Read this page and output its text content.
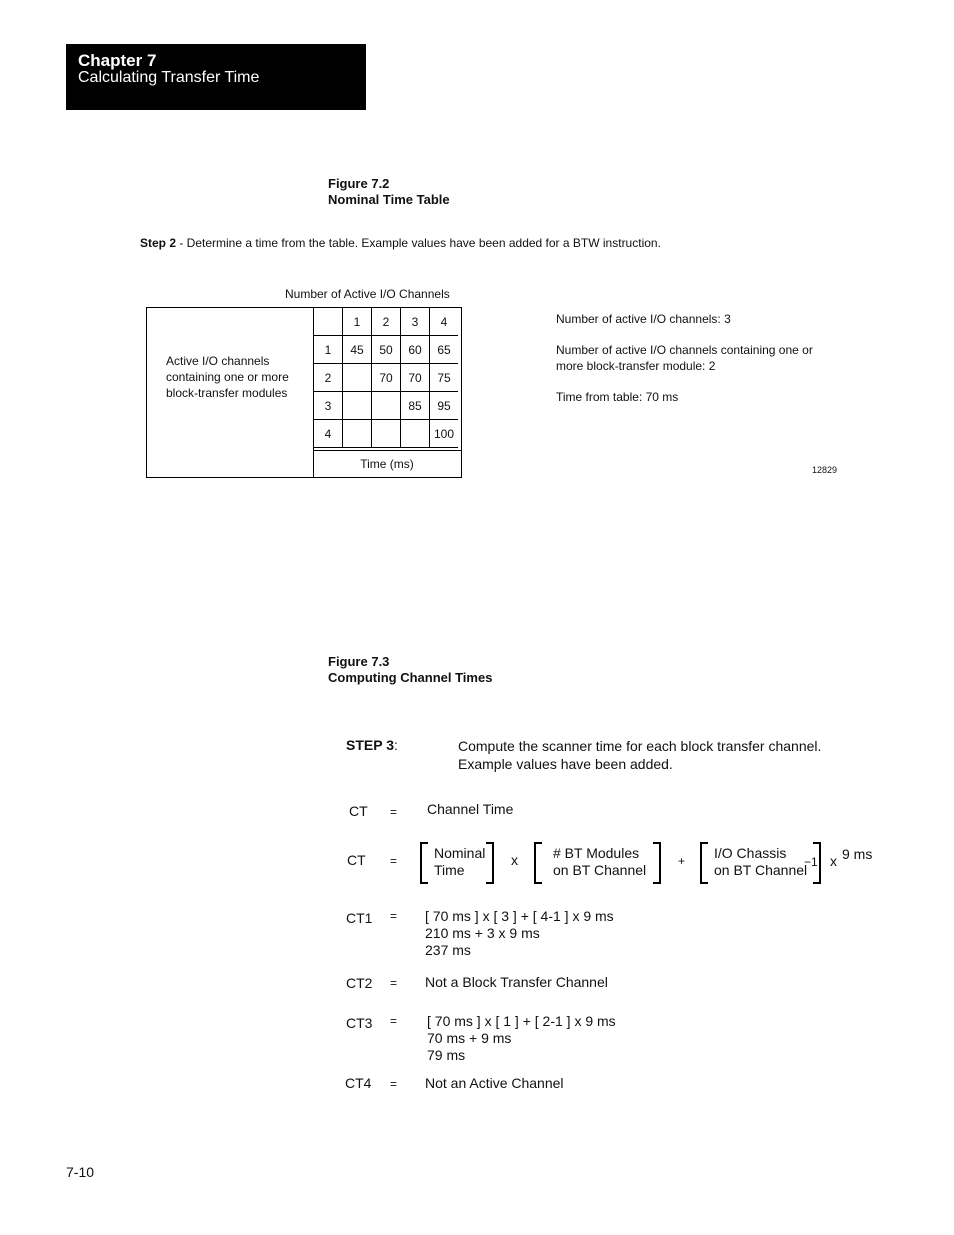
Chapter 7
Calculating Transfer Time
Figure 7.2
Nominal Time Table
Step 2 - Determine a time from the table. Example values have been added for a BTW instruction.
Number of Active I/O Channels
Active I/O channels containing one or more block-transfer modules
	1	2	3	4
1	45	50	60	65
2		70	70	75
3			85	95
4				100
Time (ms)
Number of active I/O channels: 3
Number of active I/O channels containing one or
more block-transfer module: 2
Time from table: 70 ms
12829
Figure 7.3
Computing Channel Times
STEP 3:	Compute the scanner time for each block transfer channel.
Example values have been added.
CT = Channel Time
CT =	Nominal
Time
x	# BT Modules
on BT Channel
+ I/O Chassis
on BT Channel
−1 x 9 ms
CT1 = [ 70 ms ] x [ 3 ] + [ 4-1 ] x 9 ms
210 ms + 3 x 9 ms
237 ms
CT2 = Not a Block Transfer Channel
CT3 = [ 70 ms ] x [ 1 ] + [ 2-1 ] x 9 ms
70 ms + 9 ms
79 ms
CT4 = Not an Active Channel
7-10
